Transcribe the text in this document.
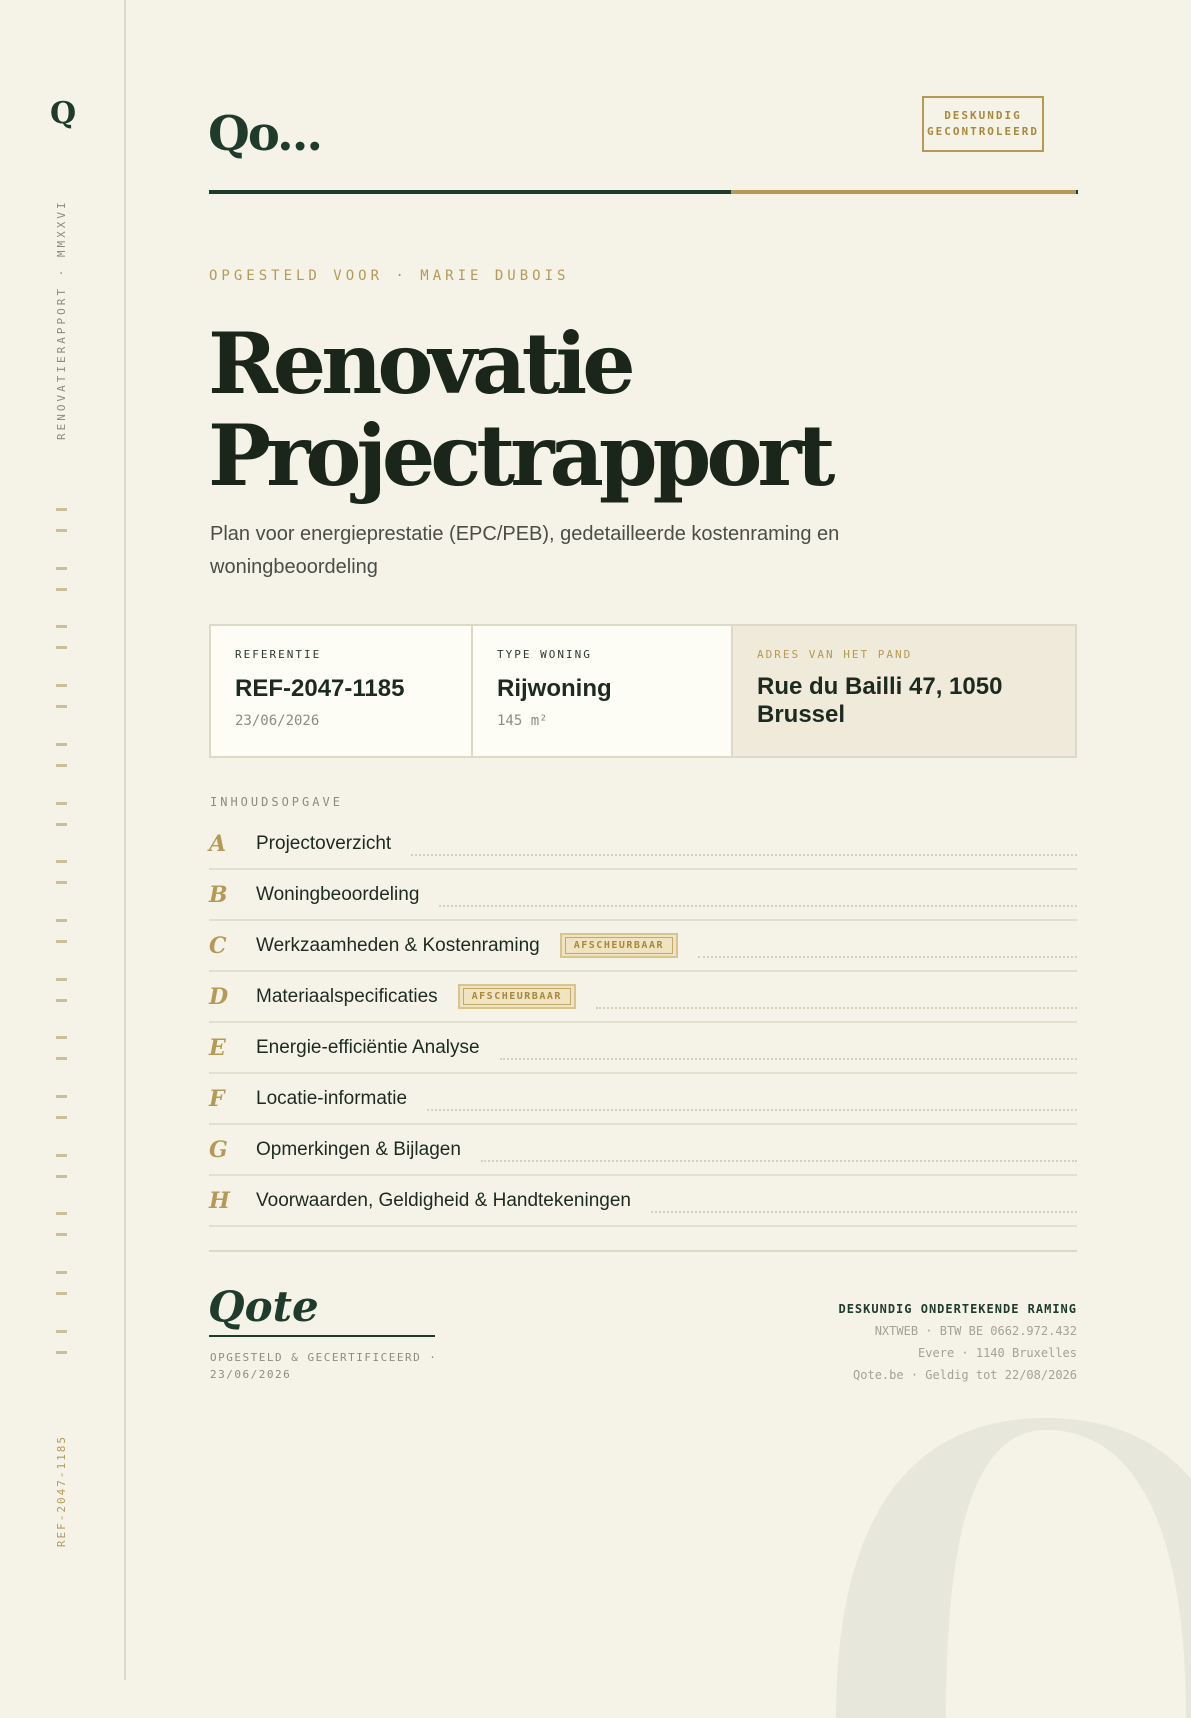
Q
RENOVATIERAPPORT · MMXXVI
REF-2047-1185
Qo...	DESKUNDIG
GECONTROLEERD
OPGESTELD VOOR · MARIE DUBOIS
Renovatie
Projectrapport
Plan voor energieprestatie (EPC/PEB), gedetailleerde kostenraming en woningbeoordeling
REFERENTIE
REF-2047-1185
23/06/2026
TYPE WONING
Rijwoning
145 m²
ADRES VAN HET PAND
Rue du Bailli 47, 1050 Brussel
INHOUDSOPGAVE
A	Projectoverzicht
B	Woningbeoordeling
C	Werkzaamheden & Kostenraming	AFSCHEURBAAR
D	Materiaalspecificaties	AFSCHEURBAAR
E	Energie-efficiëntie Analyse
F	Locatie-informatie
G	Opmerkingen & Bijlagen
H	Voorwaarden, Geldigheid & Handtekeningen
Qote
OPGESTELD & GECERTIFICEERD · 23/06/2026
DESKUNDIG ONDERTEKENDE RAMING
NXTWEB · BTW BE 0662.972.432
Evere · 1140 Bruxelles
Qote.be · Geldig tot 22/08/2026
